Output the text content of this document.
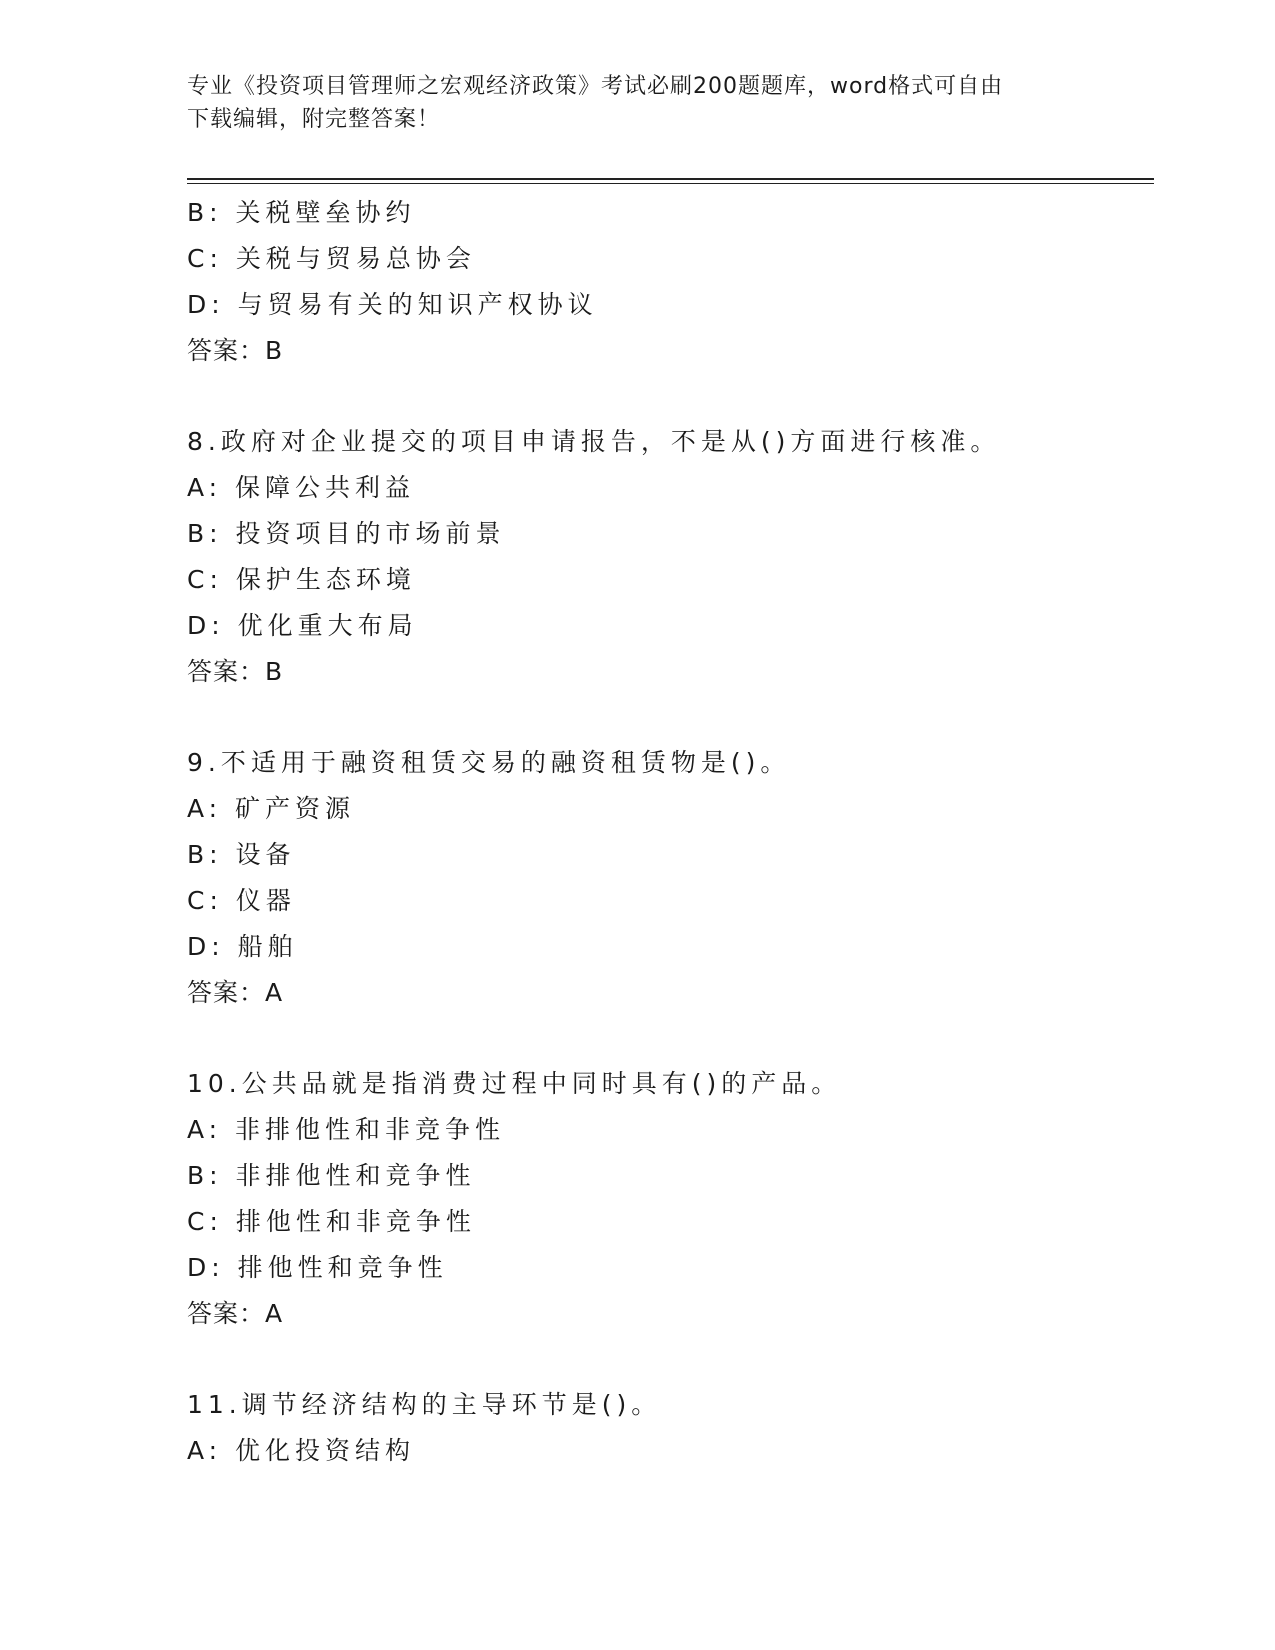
专业《投资项目管理师之宏观经济政策》考试必刷200题题库，word格式可自由
下载编辑，附完整答案！
B: 关税壁垒协约
C: 关税与贸易总协会
D: 与贸易有关的知识产权协议
答案：B
8.政府对企业提交的项目申请报告，不是从()方面进行核准。
A: 保障公共利益
B: 投资项目的市场前景
C: 保护生态环境
D: 优化重大布局
答案：B
9.不适用于融资租赁交易的融资租赁物是()。
A: 矿产资源
B: 设备
C: 仪器
D: 船舶
答案：A
10.公共品就是指消费过程中同时具有()的产品。
A: 非排他性和非竞争性
B: 非排他性和竞争性
C: 排他性和非竞争性
D: 排他性和竞争性
答案：A
11.调节经济结构的主导环节是()。
A: 优化投资结构
